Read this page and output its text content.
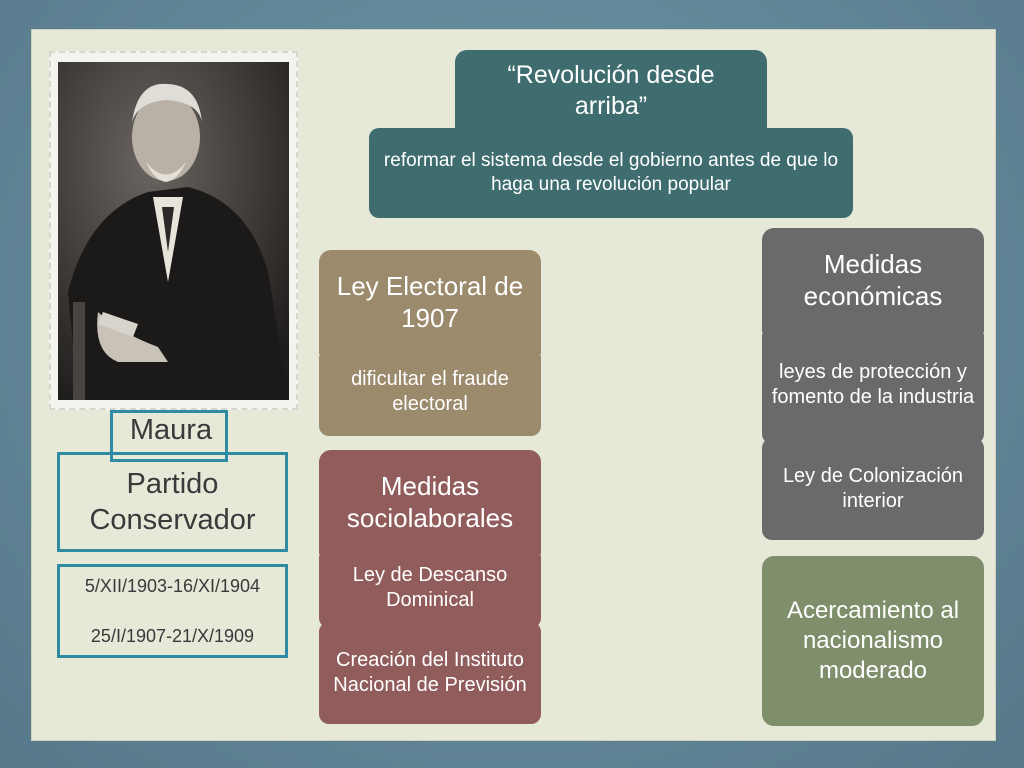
“Revolución desde arriba”
reformar el sistema desde el gobierno antes de que lo haga una revolución popular
Ley Electoral de 1907
dificultar el fraude electoral
Medidas sociolaborales
Ley de Descanso Dominical
Creación del Instituto Nacional de Previsión
Medidas económicas
leyes de protección y fomento de la industria
Ley de Colonización interior
Acercamiento al nacionalismo moderado
Maura
Partido Conservador
5/XII/1903-16/XI/1904
25/I/1907-21/X/1909
